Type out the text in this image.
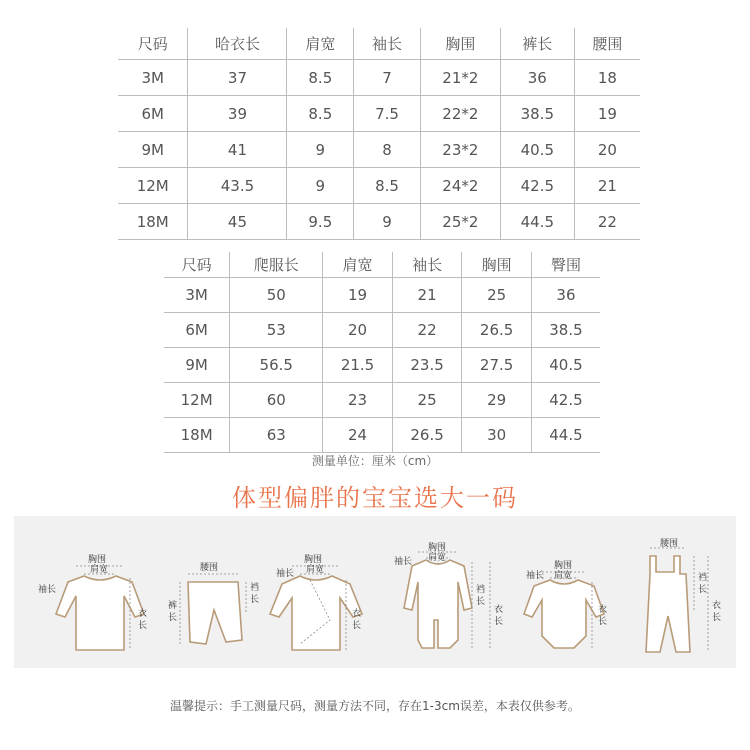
尺码	哈衣长	肩宽	袖长	胸围	裤长	腰围
3M	37	8.5	7	21*2	36	18
6M	39	8.5	7.5	22*2	38.5	19
9M	41	9	8	23*2	40.5	20
12M	43.5	9	8.5	24*2	42.5	21
18M	45	9.5	9	25*2	44.5	22
尺码	爬服长	肩宽	袖长	胸围	臀围
3M	50	19	21	25	36
6M	53	20	22	26.5	38.5
9M	56.5	21.5	23.5	27.5	40.5
12M	60	23	25	29	42.5
18M	63	24	26.5	30	44.5
测量单位：厘米（cm）
体型偏胖的宝宝选大一码
胸围
肩宽
袖长
衣
长
腰围
裤
长
裆
长
胸围
肩宽
袖长
衣
长
胸围
肩宽
袖长
裆
长
衣
长
胸围
肩宽
袖长
衣
长
腰围
裆
长
衣
长
温馨提示：手工测量尺码，测量方法不同，存在1-3cm误差，本表仅供参考。
